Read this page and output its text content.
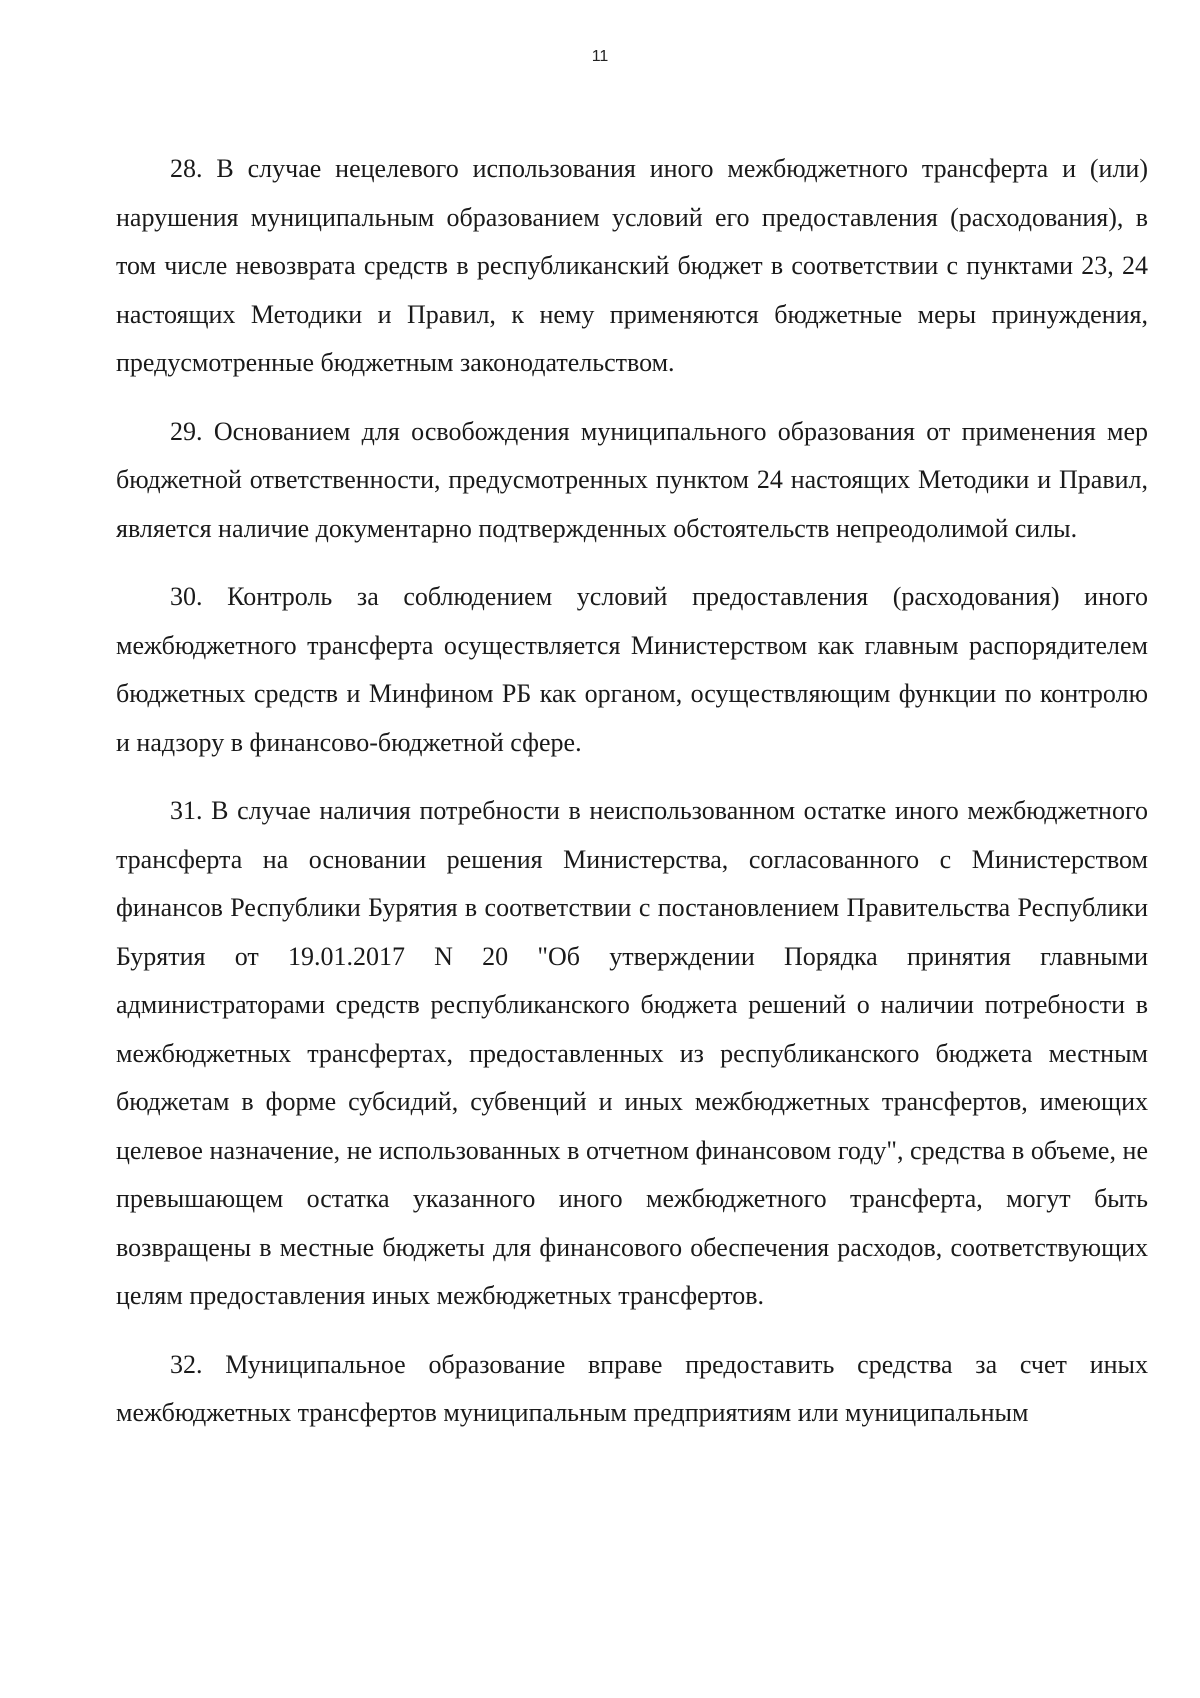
11

28. В случае нецелевого использования иного межбюджетного трансферта и (или) нарушения муниципальным образованием условий его предоставления (расходования), в том числе невозврата средств в республиканский бюджет в соответствии с пунктами 23, 24 настоящих Методики и Правил, к нему применяются бюджетные меры принуждения, предусмотренные бюджетным законодательством.

29. Основанием для освобождения муниципального образования от применения мер бюджетной ответственности, предусмотренных пунктом 24 настоящих Методики и Правил, является наличие документарно подтвержденных обстоятельств непреодолимой силы.

30. Контроль за соблюдением условий предоставления (расходования) иного межбюджетного трансферта осуществляется Министерством как главным распорядителем бюджетных средств и Минфином РБ как органом, осуществляющим функции по контролю и надзору в финансово-бюджетной сфере.

31. В случае наличия потребности в неиспользованном остатке иного межбюджетного трансферта на основании решения Министерства, согласованного с Министерством финансов Республики Бурятия в соответствии с постановлением Правительства Республики Бурятия от 19.01.2017 N 20 "Об утверждении Порядка принятия главными администраторами средств республиканского бюджета решений о наличии потребности в межбюджетных трансфертах, предоставленных из республиканского бюджета местным бюджетам в форме субсидий, субвенций и иных межбюджетных трансфертов, имеющих целевое назначение, не использованных в отчетном финансовом году", средства в объеме, не превышающем остатка указанного иного межбюджетного трансферта, могут быть возвращены в местные бюджеты для финансового обеспечения расходов, соответствующих целям предоставления иных межбюджетных трансфертов.

32. Муниципальное образование вправе предоставить средства за счет иных межбюджетных трансфертов муниципальным предприятиям или муниципальным
